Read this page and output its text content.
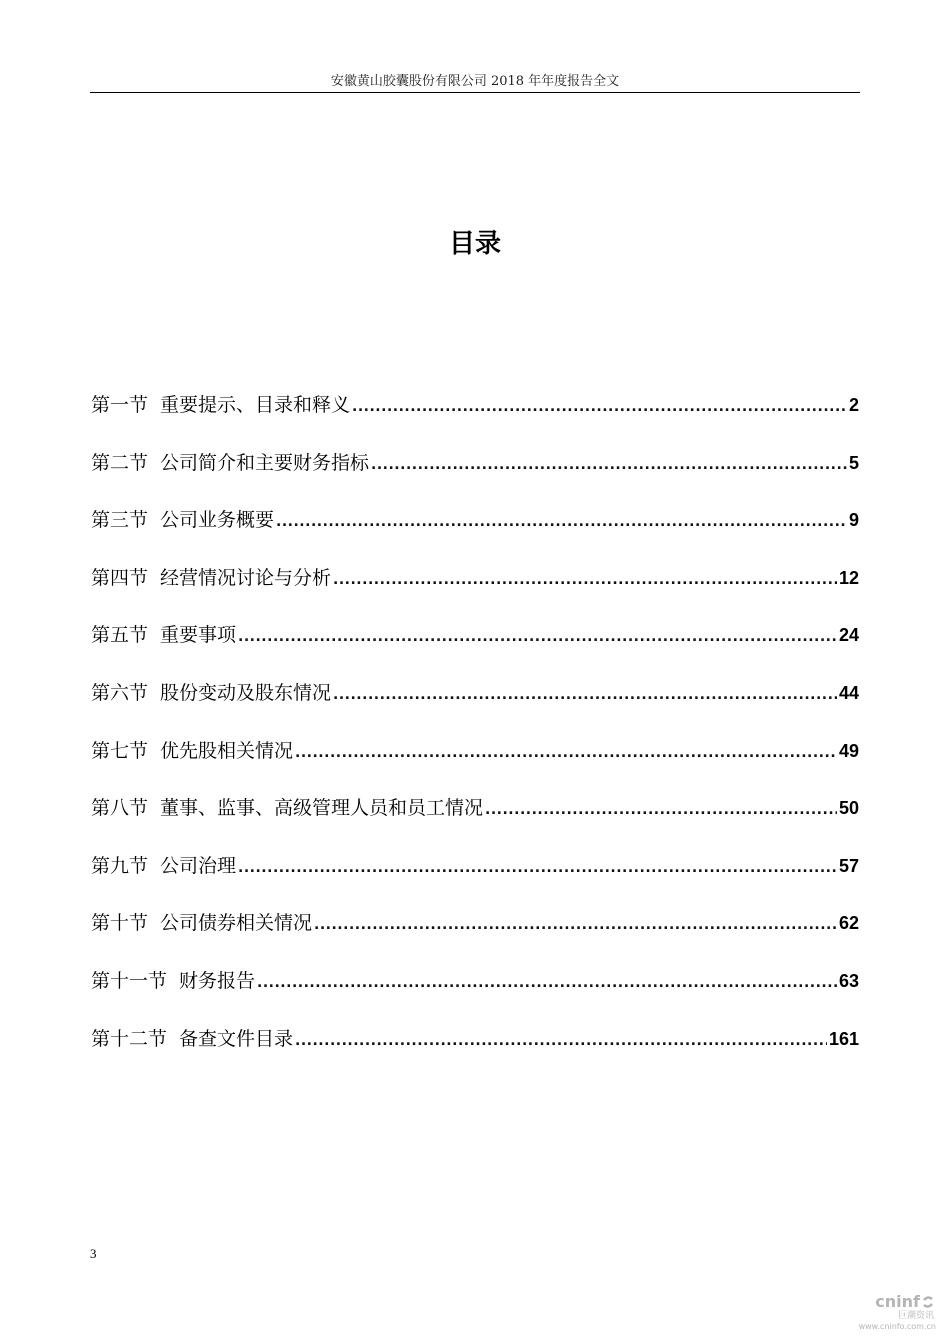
安徽黄山胶囊股份有限公司 2018 年年度报告全文
目录
第一节 重要提示、目录和释义 .....	2
第二节 公司简介和主要财务指标 .....	5
第三节 公司业务概要 .....	9
第四节 经营情况讨论与分析 .....	12
第五节 重要事项 .....	24
第六节 股份变动及股东情况 .....	44
第七节 优先股相关情况 .....	49
第八节 董事、监事、高级管理人员和员工情况 .....	50
第九节 公司治理 .....	57
第十节 公司债券相关情况 .....	62
第十一节 财务报告 .....	63
第十二节 备查文件目录 .....	161
3
cninf
巨潮资讯
www.cninfo.com.cn
